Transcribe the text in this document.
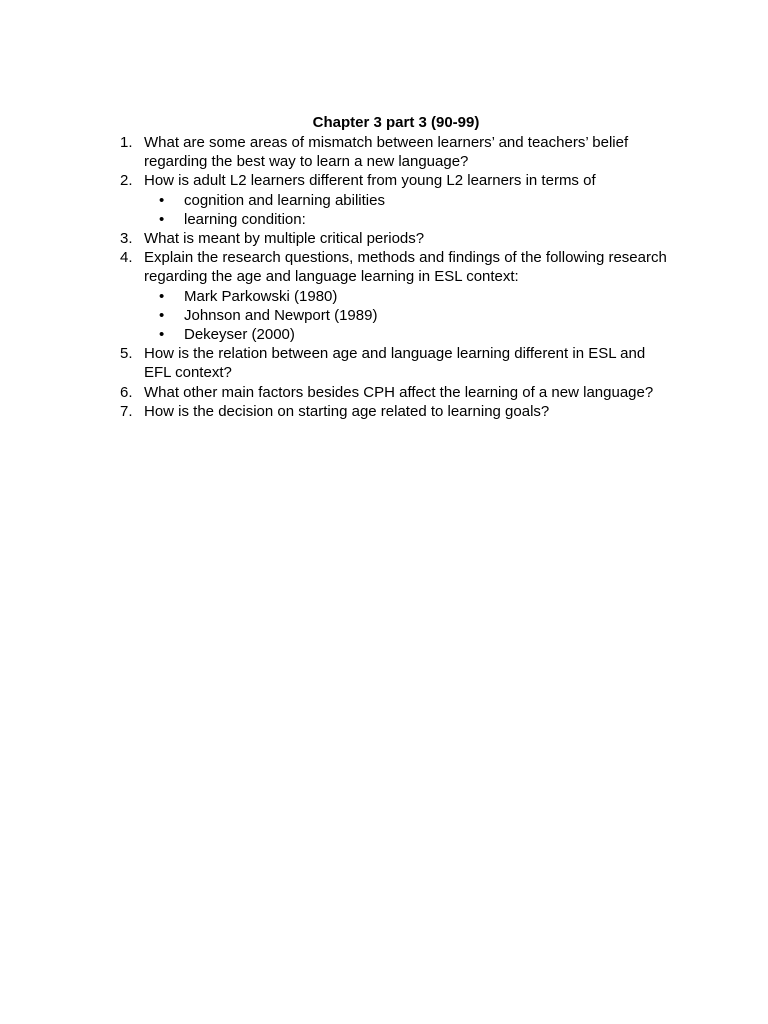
Chapter 3 part 3 (90-99)
1. What are some areas of mismatch between learners’ and teachers’ belief regarding the best way to learn a new language?
2. How is adult L2 learners different from young L2 learners in terms of
• cognition and learning abilities
• learning condition:
3. What is meant by multiple critical periods?
4. Explain the research questions, methods and findings of the following research regarding the age and language learning in ESL context:
• Mark Parkowski (1980)
• Johnson and Newport (1989)
• Dekeyser (2000)
5. How is the relation between age and language learning different in ESL and EFL context?
6. What other main factors besides CPH affect the learning of a new language?
7. How is the decision on starting age related to learning goals?
